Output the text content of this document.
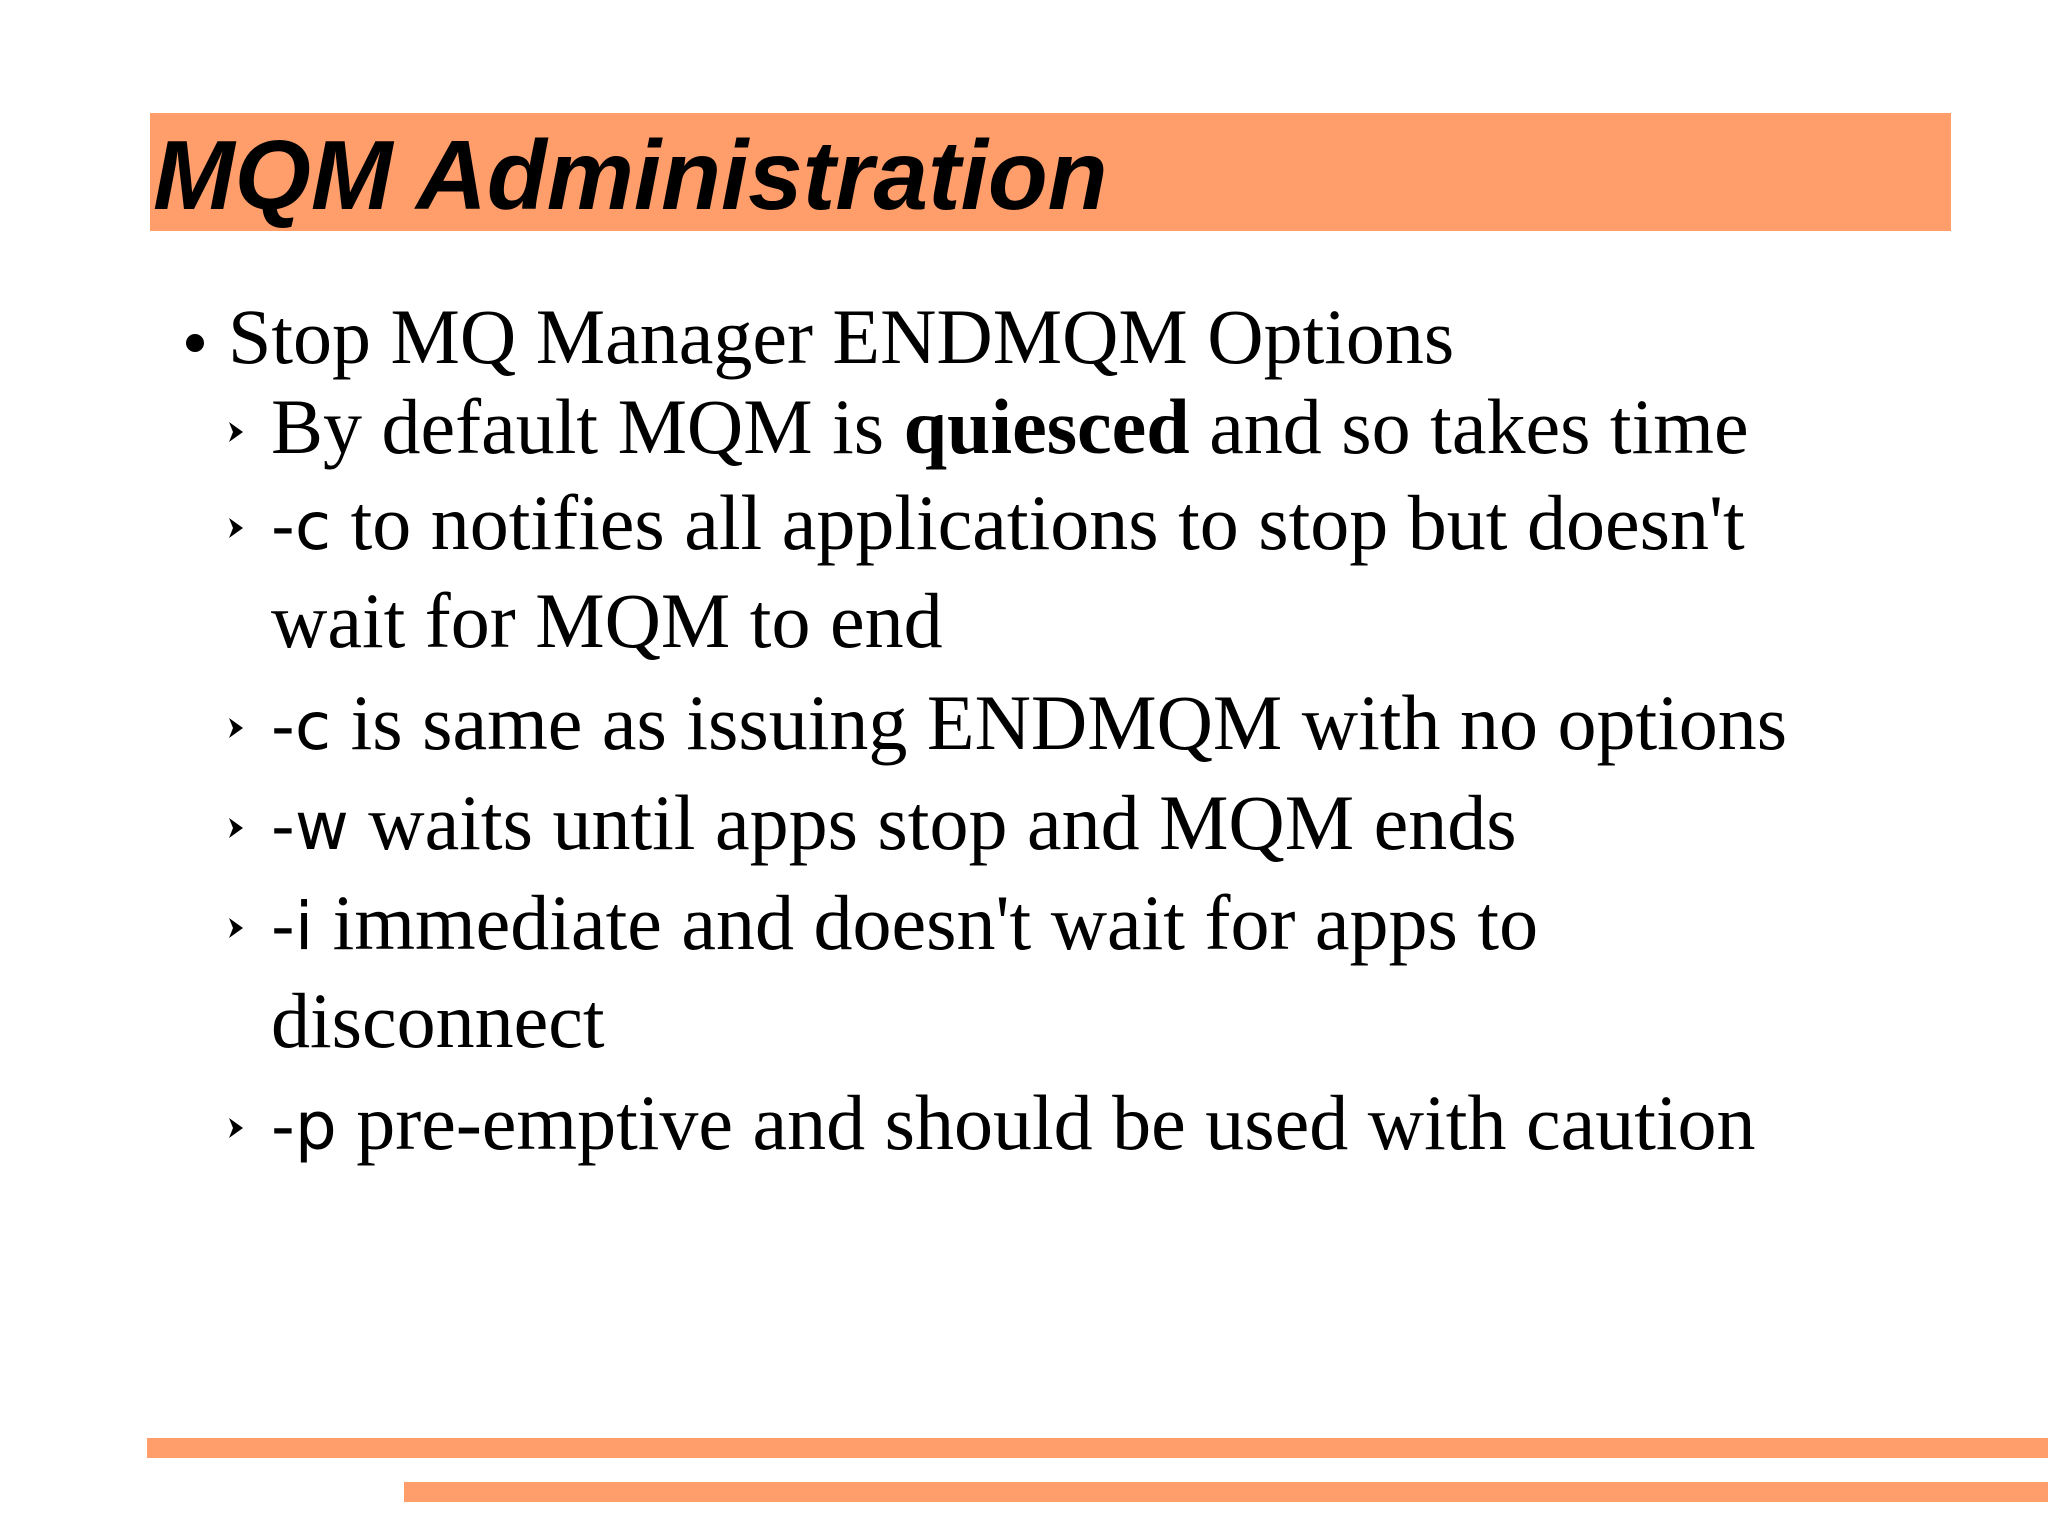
MQM Administration
Stop MQ Manager ENDMQM Options
By default MQM is quiesced and so takes time
-c to notifies all applications to stop but doesn't
wait for MQM to end
-c is same as issuing ENDMQM with no options
-w waits until apps stop and MQM ends
-i immediate and doesn't wait for apps to
disconnect
-p pre-emptive and should be used with caution
